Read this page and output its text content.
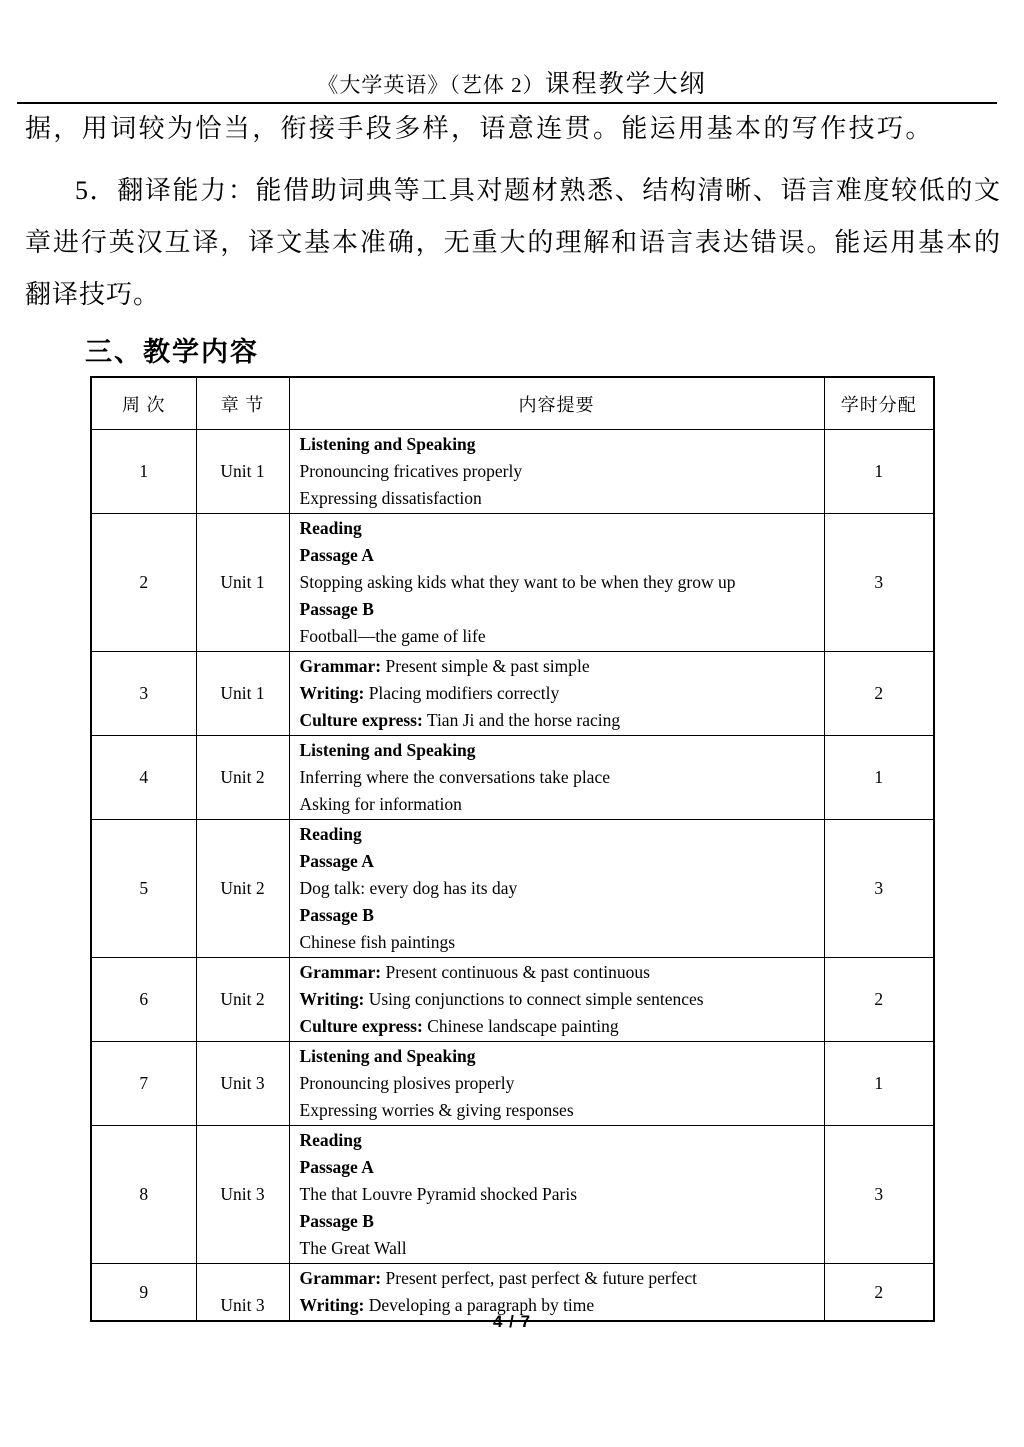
《大学英语》（艺体 2）课程教学大纲

据，用词较为恰当，衔接手段多样，语意连贯。能运用基本的写作技巧。

5．翻译能力：能借助词典等工具对题材熟悉、结构清晰、语言难度较低的文
章进行英汉互译，译文基本准确，无重大的理解和语言表达错误。能运用基本的
翻译技巧。
三、教学内容
周 次	章 节	内容提要	学时分配
1	Unit 1	Listening and Speaking
Pronouncing fricatives properly
Expressing dissatisfaction	1
2	Unit 1	Reading
Passage A
Stopping asking kids what they want to be when they grow up
Passage B
Football—the game of life	3
3	Unit 1	Grammar: Present simple & past simple
Writing: Placing modifiers correctly
Culture express: Tian Ji and the horse racing	2
4	Unit 2	Listening and Speaking
Inferring where the conversations take place
Asking for information	1
5	Unit 2	Reading
Passage A
Dog talk: every dog has its day
Passage B
Chinese fish paintings	3
6	Unit 2	Grammar: Present continuous & past continuous
Writing: Using conjunctions to connect simple sentences
Culture express: Chinese landscape painting	2
7	Unit 3	Listening and Speaking
Pronouncing plosives properly
Expressing worries & giving responses	1
8	Unit 3	Reading
Passage A
The that Louvre Pyramid shocked Paris
Passage B
The Great Wall	3
9	Unit 3	Grammar: Present perfect, past perfect & future perfect
Writing: Developing a paragraph by time	2
4 / 7
